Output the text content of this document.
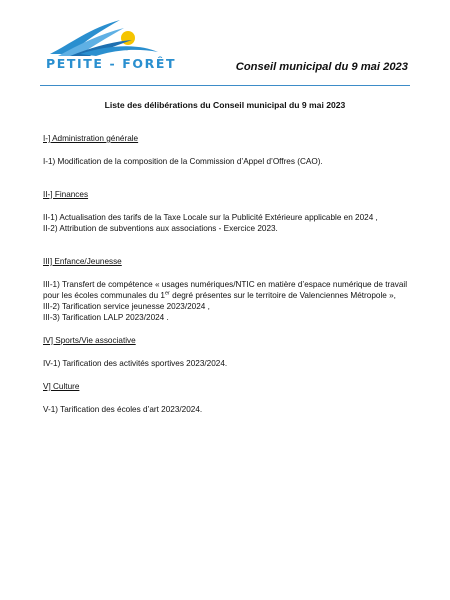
PETITE - FORÊT	Conseil municipal du 9 mai 2023
Liste des délibérations du Conseil municipal du 9 mai 2023

I-] Administration générale

I-1) Modification de la composition de la Commission d’Appel d’Offres (CAO).

II-] Finances

II-1) Actualisation des tarifs de la Taxe Locale sur la Publicité Extérieure applicable en 2024 ,

II-2) Attribution de subventions aux associations - Exercice 2023.

III] Enfance/Jeunesse

III-1) Transfert de compétence « usages numériques/NTIC en matière d’espace numérique de travail pour les écoles communales du 1er degré présentes sur le territoire de Valenciennes Métropole »,

III-2) Tarification service jeunesse 2023/2024 ,

III-3) Tarification LALP 2023/2024 .

IV] Sports/Vie associative

IV-1) Tarification des activités sportives 2023/2024.

V] Culture

V-1) Tarification des écoles d’art 2023/2024.
